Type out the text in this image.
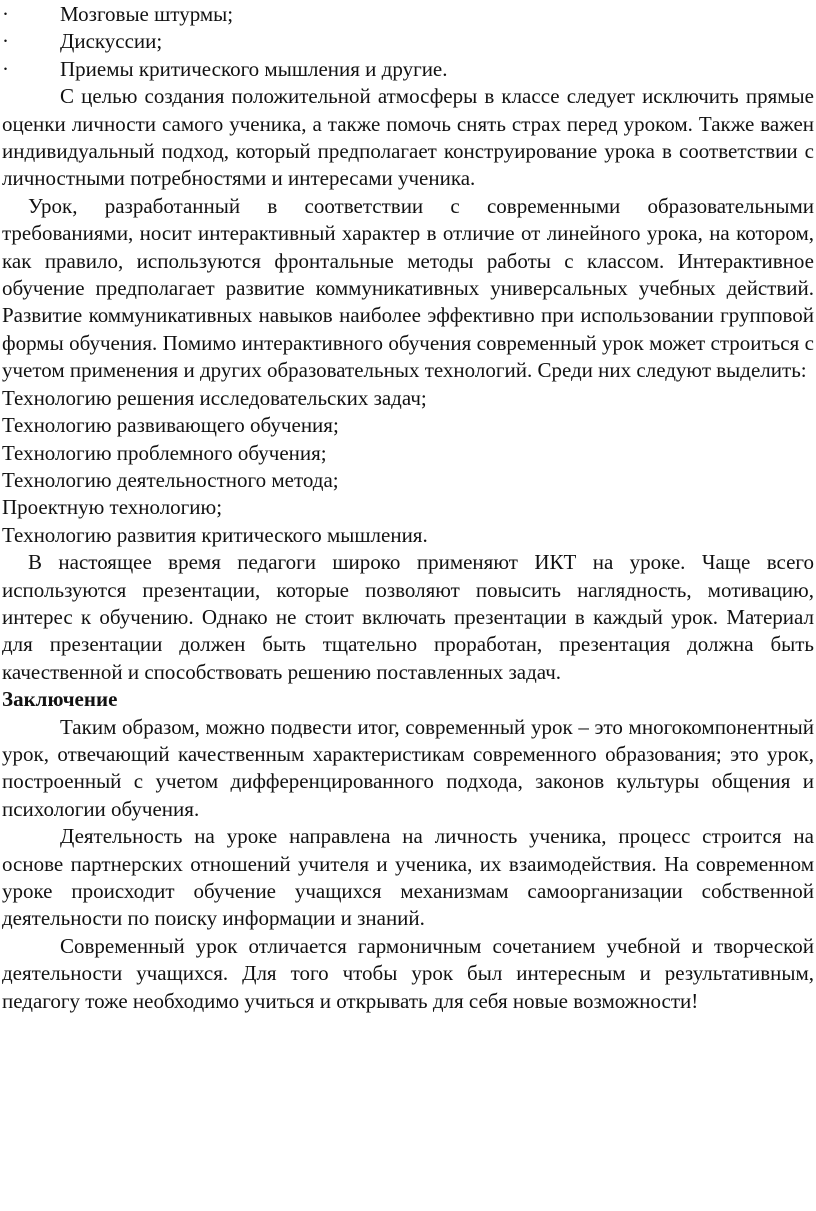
·	Мозговые штурмы;
·	Дискуссии;
·	Приемы критического мышления и другие.

С целью создания положительной атмосферы в классе следует исключить прямые оценки личности самого ученика, а также помочь снять страх перед уроком. Также важен индивидуальный подход, который предполагает конструирование урока в соответствии с личностными потребностями и интересами ученика.

Урок, разработанный в соответствии с современными образовательными требованиями, носит интерактивный характер в отличие от линейного урока, на котором, как правило, используются фронтальные методы работы с классом. Интерактивное обучение предполагает развитие коммуникативных универсальных учебных действий. Развитие коммуникативных навыков наиболее эффективно при использовании групповой формы обучения. Помимо интерактивного обучения современный урок может строиться с учетом применения и других образовательных технологий. Среди них следуют выделить:

Технологию решения исследовательских задач;
Технологию развивающего обучения;
Технологию проблемного обучения;
Технологию деятельностного метода;
Проектную технологию;
Технологию развития критического мышления.

В настоящее время педагоги широко применяют ИКТ на уроке. Чаще всего используются презентации, которые позволяют повысить наглядность, мотивацию, интерес к обучению. Однако не стоит включать презентации в каждый урок. Материал для презентации должен быть тщательно проработан, презентация должна быть качественной и способствовать решению поставленных задач.

Заключение

Таким образом, можно подвести итог, современный урок – это многокомпонентный урок, отвечающий качественным характеристикам современного образования; это урок, построенный с учетом дифференцированного подхода, законов культуры общения и психологии обучения.

Деятельность на уроке направлена на личность ученика, процесс строится на основе партнерских отношений учителя и ученика, их взаимодействия. На современном уроке происходит обучение учащихся механизмам самоорганизации собственной деятельности по поиску информации и знаний.

Современный урок отличается гармоничным сочетанием учебной и творческой деятельности учащихся. Для того чтобы урок был интересным и результативным, педагогу тоже необходимо учиться и открывать для себя новые возможности!
